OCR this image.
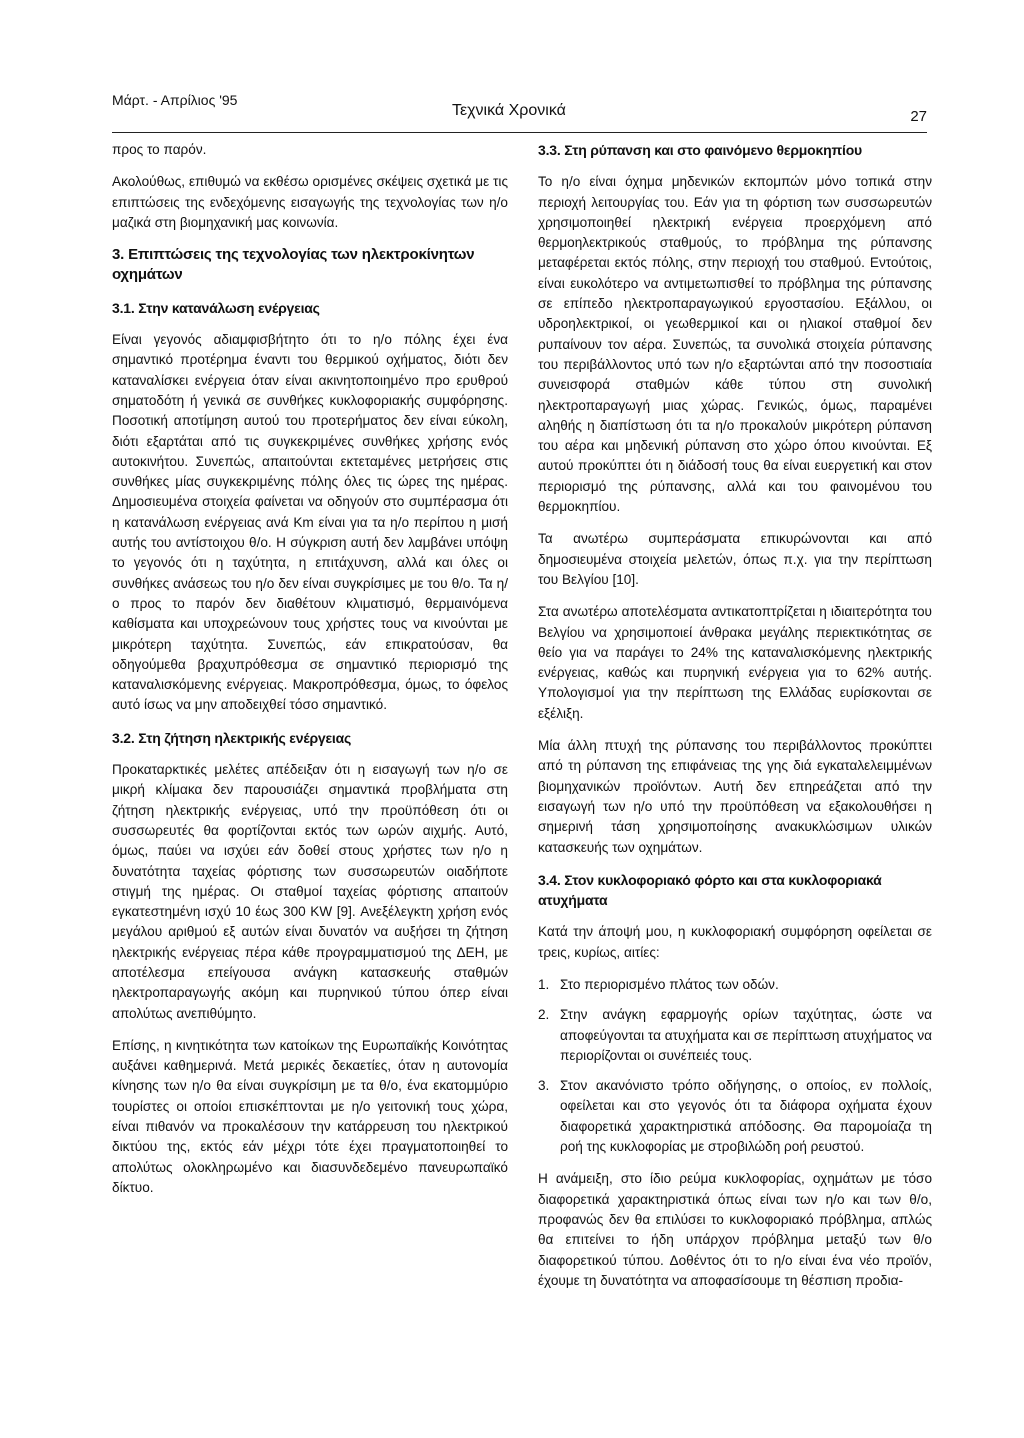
Μάρτ. - Απρίλιος '95
Τεχνικά Χρονικά	27

προς το παρόν.

Ακολούθως, επιθυμώ να εκθέσω ορισμένες σκέψεις σχετικά με τις επιπτώσεις της ενδεχόμενης εισαγωγής της τεχνολογίας των η/ο μαζικά στη βιομηχανική μας κοινωνία.

3. Επιπτώσεις της τεχνολογίας των ηλεκτροκίνητων οχημάτων
3.1. Στην κατανάλωση ενέργειας

Είναι γεγονός αδιαμφισβήτητο ότι το η/ο πόλης έχει ένα σημαντικό προτέρημα έναντι του θερμικού οχήματος, διότι δεν καταναλίσκει ενέργεια όταν είναι ακινητοποιημένο προ ερυθρού σηματοδότη ή γενικά σε συνθήκες κυκλοφοριακής συμφόρησης. Ποσοτική αποτίμηση αυτού του προτερήματος δεν είναι εύκολη, διότι εξαρτάται από τις συγκεκριμένες συνθήκες χρήσης ενός αυτοκινήτου. Συνεπώς, απαιτούνται εκτεταμένες μετρήσεις στις συνθήκες μίας συγκεκριμένης πόλης όλες τις ώρες της ημέρας. Δημοσιευμένα στοιχεία φαίνεται να οδηγούν στο συμπέρασμα ότι η κατανάλωση ενέργειας ανά Km είναι για τα η/ο περίπου η μισή αυτής του αντίστοιχου θ/ο. Η σύγκριση αυτή δεν λαμβάνει υπόψη το γεγονός ότι η ταχύτητα, η επιτάχυνση, αλλά και όλες οι συνθήκες ανάσεως του η/ο δεν είναι συγκρίσιμες με του θ/ο. Τα η/ο προς το παρόν δεν διαθέτουν κλιματισμό, θερμαινόμενα καθίσματα και υποχρεώνουν τους χρήστες τους να κινούνται με μικρότερη ταχύτητα. Συνεπώς, εάν επικρατούσαν, θα οδηγούμεθα βραχυπρόθεσμα σε σημαντικό περιορισμό της καταναλισκόμενης ενέργειας. Μακροπρόθεσμα, όμως, το όφελος αυτό ίσως να μην αποδειχθεί τόσο σημαντικό.

3.2. Στη ζήτηση ηλεκτρικής ενέργειας

Προκαταρκτικές μελέτες απέδειξαν ότι η εισαγωγή των η/ο σε μικρή κλίμακα δεν παρουσιάζει σημαντικά προβλήματα στη ζήτηση ηλεκτρικής ενέργειας, υπό την προϋπόθεση ότι οι συσσωρευτές θα φορτίζονται εκτός των ωρών αιχμής. Αυτό, όμως, παύει να ισχύει εάν δοθεί στους χρήστες των η/ο η δυνατότητα ταχείας φόρτισης των συσσωρευτών οιαδήποτε στιγμή της ημέρας. Οι σταθμοί ταχείας φόρτισης απαιτούν εγκατεστημένη ισχύ 10 έως 300 KW [9]. Ανεξέλεγκτη χρήση ενός μεγάλου αριθμού εξ αυτών είναι δυνατόν να αυξήσει τη ζήτηση ηλεκτρικής ενέργειας πέρα κάθε προγραμματισμού της ΔΕΗ, με αποτέλεσμα επείγουσα ανάγκη κατασκευής σταθμών ηλεκτροπαραγωγής ακόμη και πυρηνικού τύπου όπερ είναι απολύτως ανεπιθύμητο.

Επίσης, η κινητικότητα των κατοίκων της Ευρωπαϊκής Κοινότητας αυξάνει καθημερινά. Μετά μερικές δεκαετίες, όταν η αυτονομία κίνησης των η/ο θα είναι συγκρίσιμη με τα θ/ο, ένα εκατομμύριο τουρίστες οι οποίοι επισκέπτονται με η/ο γειτονική τους χώρα, είναι πιθανόν να προκαλέσουν την κατάρρευση του ηλεκτρικού δικτύου της, εκτός εάν μέχρι τότε έχει πραγματοποιηθεί το απολύτως ολοκληρωμένο και διασυνδεδεμένο πανευρωπαϊκό δίκτυο.

3.3. Στη ρύπανση και στο φαινόμενο θερμοκηπίου

Το η/ο είναι όχημα μηδενικών εκπομπών μόνο τοπικά στην περιοχή λειτουργίας του. Εάν για τη φόρτιση των συσσωρευτών χρησιμοποιηθεί ηλεκτρική ενέργεια προερχόμενη από θερμοηλεκτρικούς σταθμούς, το πρόβλημα της ρύπανσης μεταφέρεται εκτός πόλης, στην περιοχή του σταθμού. Εντούτοις, είναι ευκολότερο να αντιμετωπισθεί το πρόβλημα της ρύπανσης σε επίπεδο ηλεκτροπαραγωγικού εργοστασίου. Εξάλλου, οι υδροηλεκτρικοί, οι γεωθερμικοί και οι ηλιακοί σταθμοί δεν ρυπαίνουν τον αέρα. Συνεπώς, τα συνολικά στοιχεία ρύπανσης του περιβάλλοντος υπό των η/ο εξαρτώνται από την ποσοστιαία συνεισφορά σταθμών κάθε τύπου στη συνολική ηλεκτροπαραγωγή μιας χώρας. Γενικώς, όμως, παραμένει αληθής η διαπίστωση ότι τα η/ο προκαλούν μικρότερη ρύπανση του αέρα και μηδενική ρύπανση στο χώρο όπου κινούνται. Εξ αυτού προκύπτει ότι η διάδοσή τους θα είναι ευεργετική και στον περιορισμό της ρύπανσης, αλλά και του φαινομένου του θερμοκηπίου.

Τα ανωτέρω συμπεράσματα επικυρώνονται και από δημοσιευμένα στοιχεία μελετών, όπως π.χ. για την περίπτωση του Βελγίου [10].

Στα ανωτέρω αποτελέσματα αντικατοπτρίζεται η ιδιαιτερότητα του Βελγίου να χρησιμοποιεί άνθρακα μεγάλης περιεκτικότητας σε θείο για να παράγει το 24% της καταναλισκόμενης ηλεκτρικής ενέργειας, καθώς και πυρηνική ενέργεια για το 62% αυτής. Υπολογισμοί για την περίπτωση της Ελλάδας ευρίσκονται σε εξέλιξη.

Μία άλλη πτυχή της ρύπανσης του περιβάλλοντος προκύπτει από τη ρύπανση της επιφάνειας της γης διά εγκαταλελειμμένων βιομηχανικών προϊόντων. Αυτή δεν επηρεάζεται από την εισαγωγή των η/ο υπό την προϋπόθεση να εξακολουθήσει η σημερινή τάση χρησιμοποίησης ανακυκλώσιμων υλικών κατασκευής των οχημάτων.

3.4. Στον κυκλοφοριακό φόρτο και στα κυκλοφοριακά ατυχήματα

Κατά την άποψή μου, η κυκλοφοριακή συμφόρηση οφείλεται σε τρεις, κυρίως, αιτίες:

1. Στο περιορισμένο πλάτος των οδών.
2. Στην ανάγκη εφαρμογής ορίων ταχύτητας, ώστε να αποφεύγονται τα ατυχήματα και σε περίπτωση ατυχήματος να περιορίζονται οι συνέπειές τους.
3. Στον ακανόνιστο τρόπο οδήγησης, ο οποίος, εν πολλοίς, οφείλεται και στο γεγονός ότι τα διάφορα οχήματα έχουν διαφορετικά χαρακτηριστικά απόδοσης. Θα παρομοίαζα τη ροή της κυκλοφορίας με στροβιλώδη ροή ρευστού.

Η ανάμειξη, στο ίδιο ρεύμα κυκλοφορίας, οχημάτων με τόσο διαφορετικά χαρακτηριστικά όπως είναι των η/ο και των θ/ο, προφανώς δεν θα επιλύσει το κυκλοφοριακό πρόβλημα, απλώς θα επιτείνει το ήδη υπάρχον πρόβλημα μεταξύ των θ/ο διαφορετικού τύπου. Δοθέντος ότι το η/ο είναι ένα νέο προϊόν, έχουμε τη δυνατότητα να αποφασίσουμε τη θέσπιση προδια-
